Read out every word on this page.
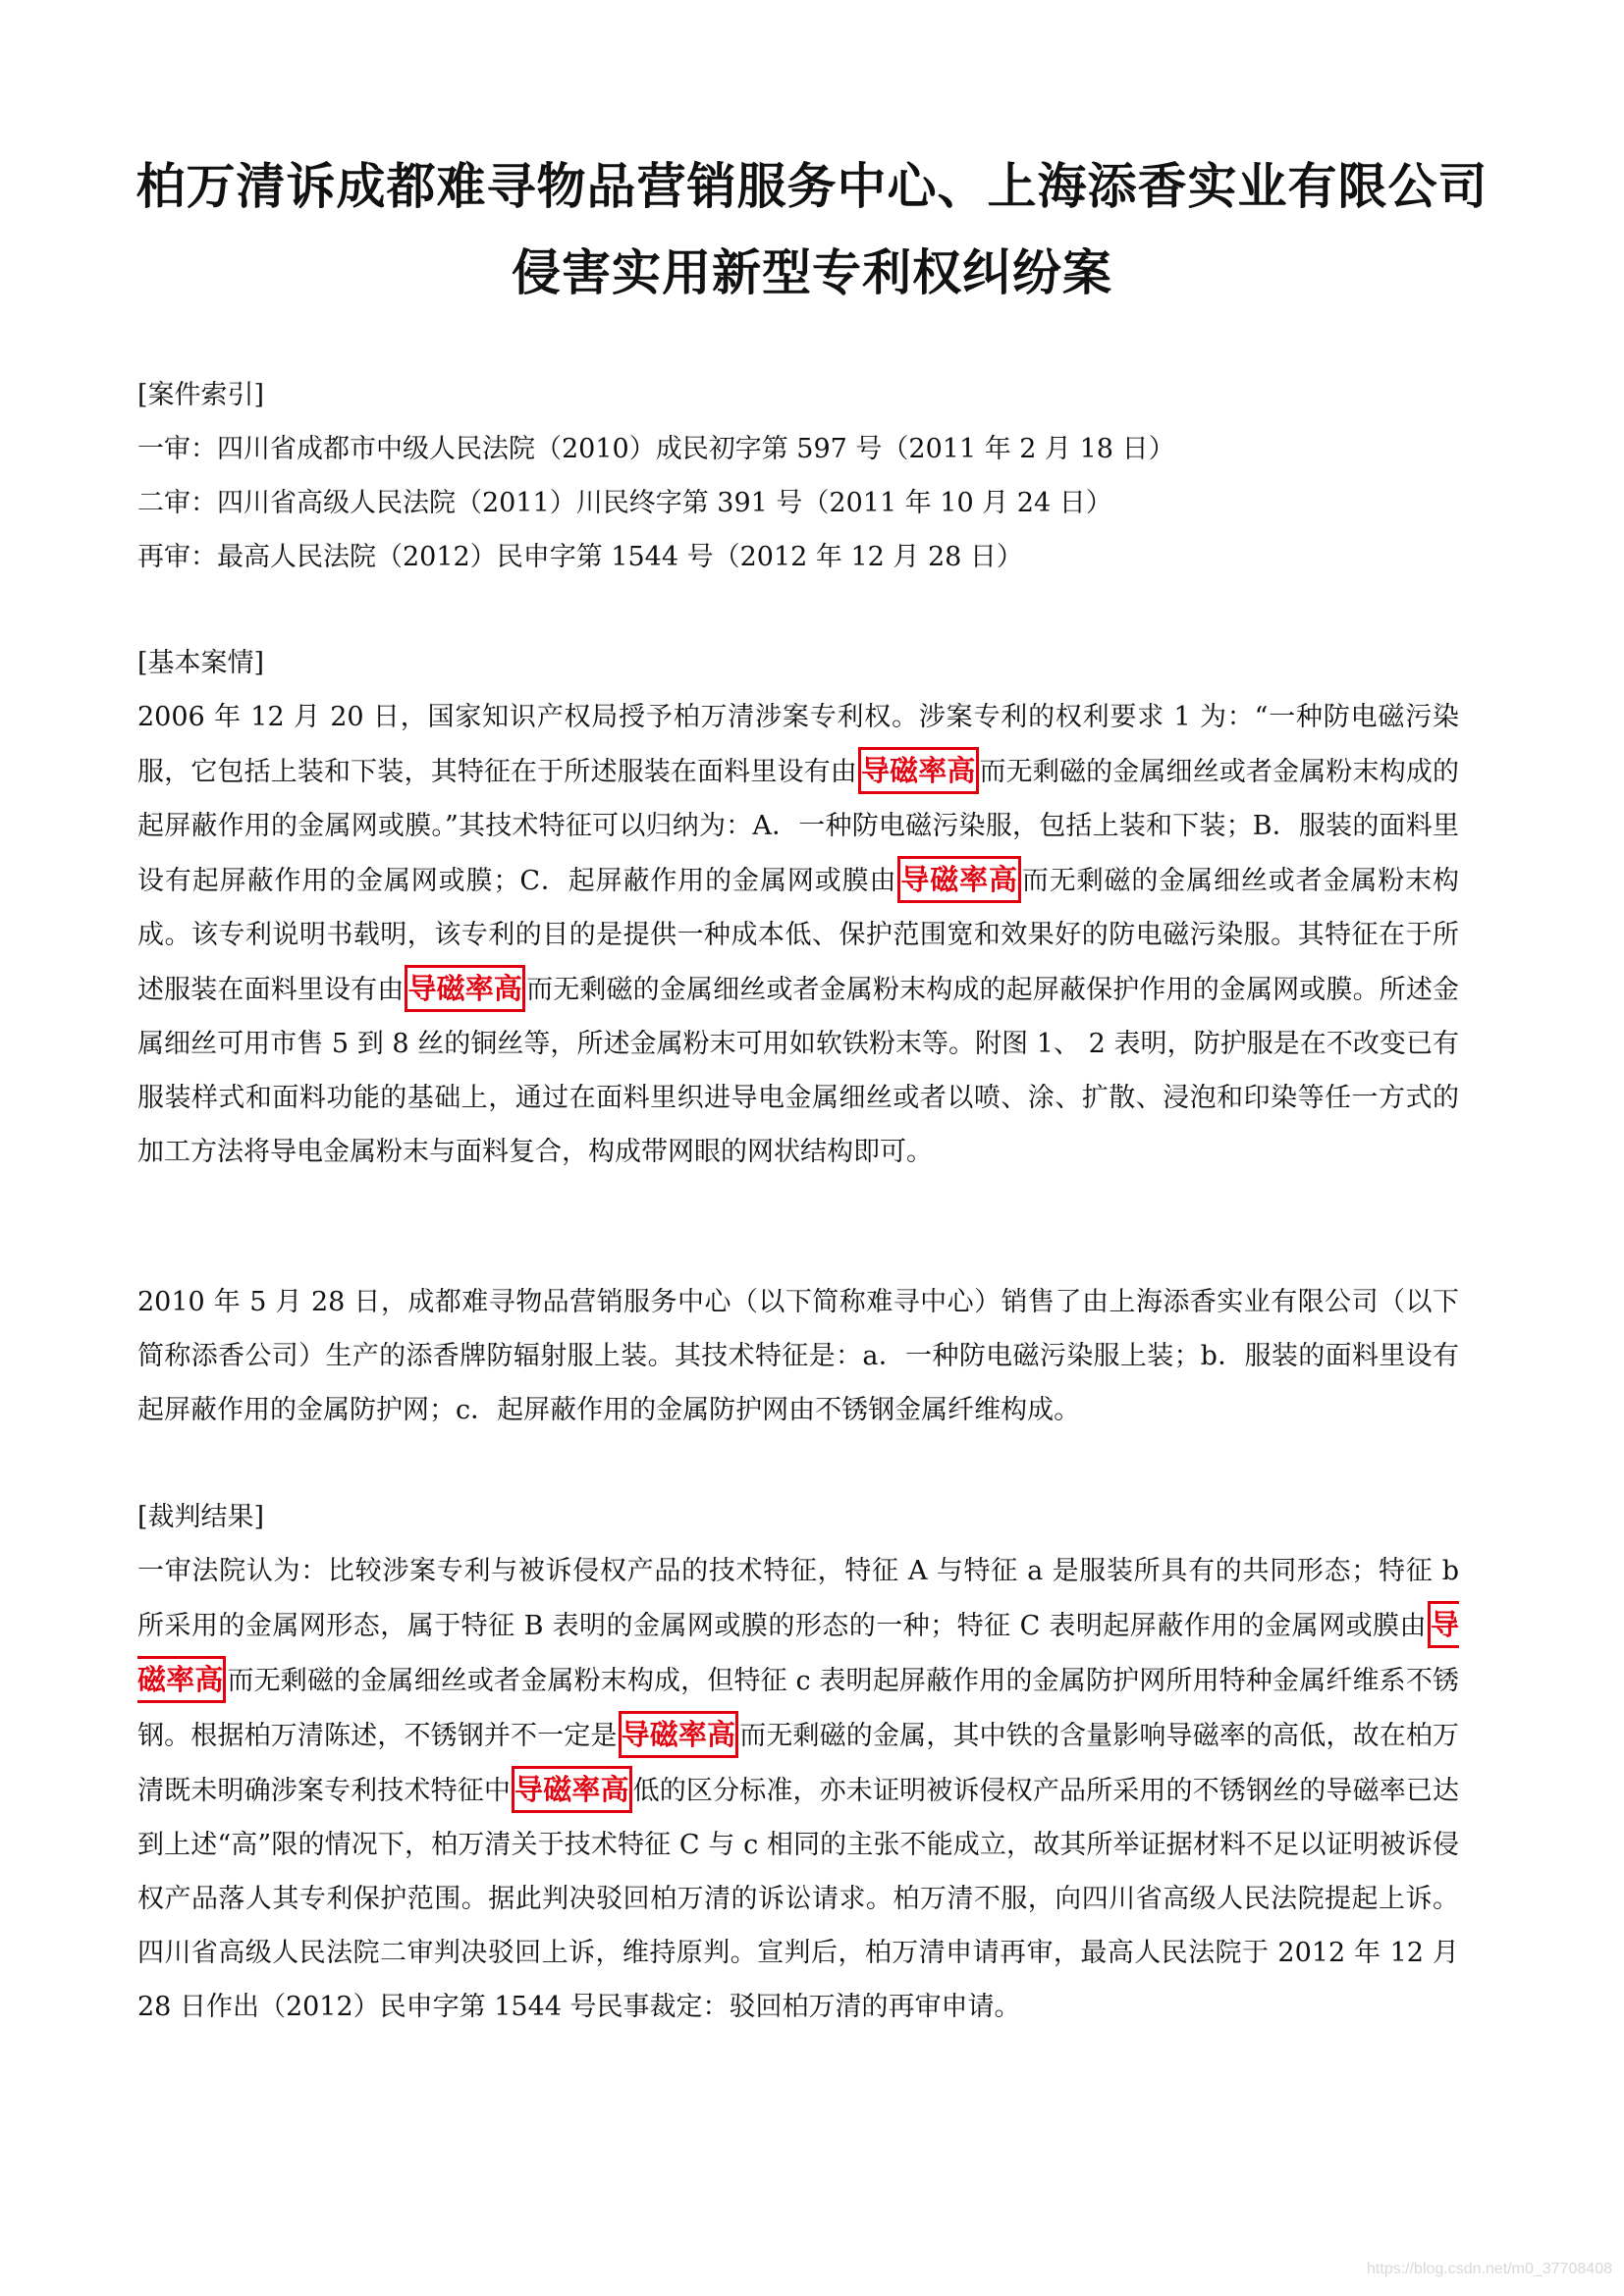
柏万清诉成都难寻物品营销服务中心、上海添香实业有限公司
侵害实用新型专利权纠纷案
[案件索引]
一审：四川省成都市中级人民法院（2010）成民初字第 597 号（2011 年 2 月 18 日）
二审：四川省高级人民法院（2011）川民终字第 391 号（2011 年 10 月 24 日）
再审：最高人民法院（2012）民申字第 1544 号（2012 年 12 月 28 日）
[基本案情]
2006 年 12 月 20 日，国家知识产权局授予柏万清涉案专利权。涉案专利的权利要求 1 为：“一种防电磁污染服，它包括上装和下装，其特征在于所述服装在面料里设有由 导磁率高 而无剩磁的金属细丝或者金属粉末构成的起屏蔽作用的金属网或膜。”其技术特征可以归纳为：A．一种防电磁污染服，包括上装和下装；B．服装的面料里设有起屏蔽作用的金属网或膜；C．起屏蔽作用的金属网或膜由 导磁率高 而无剩磁的金属细丝或者金属粉末构成。该专利说明书载明，该专利的目的是提供一种成本低、保护范围宽和效果好的防电磁污染服。其特征在于所述服装在面料里设有由 导磁率高 而无剩磁的金属细丝或者金属粉末构成的起屏蔽保护作用的金属网或膜。所述金属细丝可用市售 5 到 8 丝的铜丝等，所述金属粉末可用如软铁粉末等。附图 1、 2 表明，防护服是在不改变已有服装样式和面料功能的基础上，通过在面料里织进导电金属细丝或者以喷、涂、扩散、浸泡和印染等任一方式的加工方法将导电金属粉末与面料复合，构成带网眼的网状结构即可。
2010 年 5 月 28 日，成都难寻物品营销服务中心（以下简称难寻中心）销售了由上海添香实业有限公司（以下简称添香公司）生产的添香牌防辐射服上装。其技术特征是：a．一种防电磁污染服上装；b．服装的面料里设有起屏蔽作用的金属防护网；c．起屏蔽作用的金属防护网由不锈钢金属纤维构成。
[裁判结果]
一审法院认为：比较涉案专利与被诉侵权产品的技术特征，特征 A 与特征 a 是服装所具有的共同形态；特征 b 所采用的金属网形态，属于特征 B 表明的金属网或膜的形态的一种；特征 C 表明起屏蔽作用的金属网或膜由 导磁率高 而无剩磁的金属细丝或者金属粉末构成，但特征 c 表明起屏蔽作用的金属防护网所用特种金属纤维系不锈钢。根据柏万清陈述，不锈钢并不一定是 导磁率高 而无剩磁的金属，其中铁的含量影响导磁率的高低，故在柏万清既未明确涉案专利技术特征中 导磁率高 低的区分标准，亦未证明被诉侵权产品所采用的不锈钢丝的导磁率已达到上述“高”限的情况下，柏万清关于技术特征 C 与 c 相同的主张不能成立，故其所举证据材料不足以证明被诉侵权产品落人其专利保护范围。据此判决驳回柏万清的诉讼请求。柏万清不服，向四川省高级人民法院提起上诉。四川省高级人民法院二审判决驳回上诉，维持原判。宣判后，柏万清申请再审，最高人民法院于 2012 年 12 月 28 日作出（2012）民申字第 1544 号民事裁定：驳回柏万清的再审申请。
https://blog.csdn.net/m0_37708408
